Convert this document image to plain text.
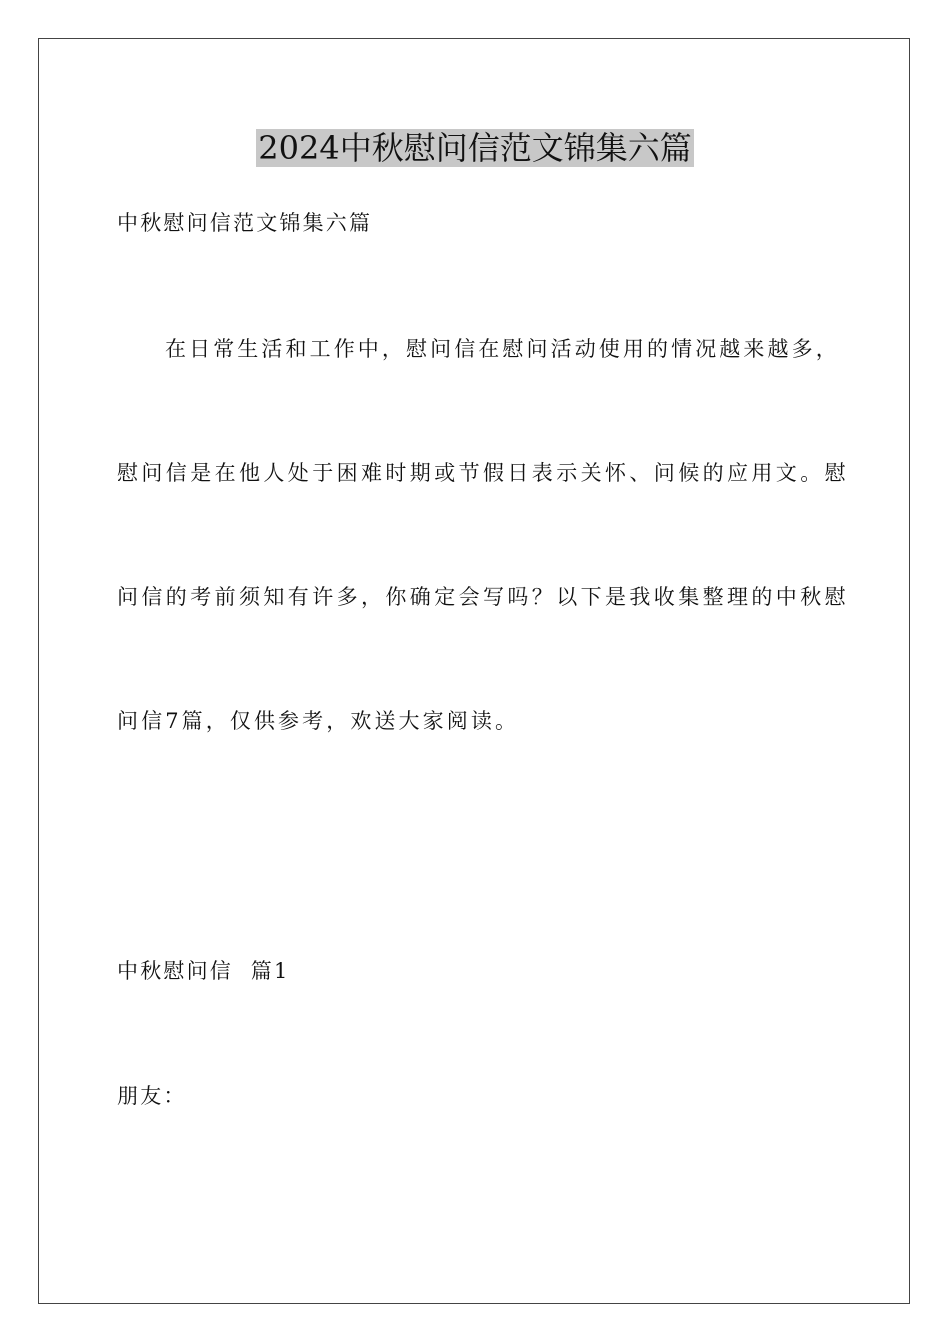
2024中秋慰问信范文锦集六篇

中秋慰问信范文锦集六篇

在日常生活和工作中，慰问信在慰问活动使用的情况越来越多，

慰问信是在他人处于困难时期或节假日表示关怀、问候的应用文。慰

问信的考前须知有许多，你确定会写吗？以下是我收集整理的中秋慰

问信7篇，仅供参考，欢送大家阅读。

中秋慰问信  篇1

朋友：
